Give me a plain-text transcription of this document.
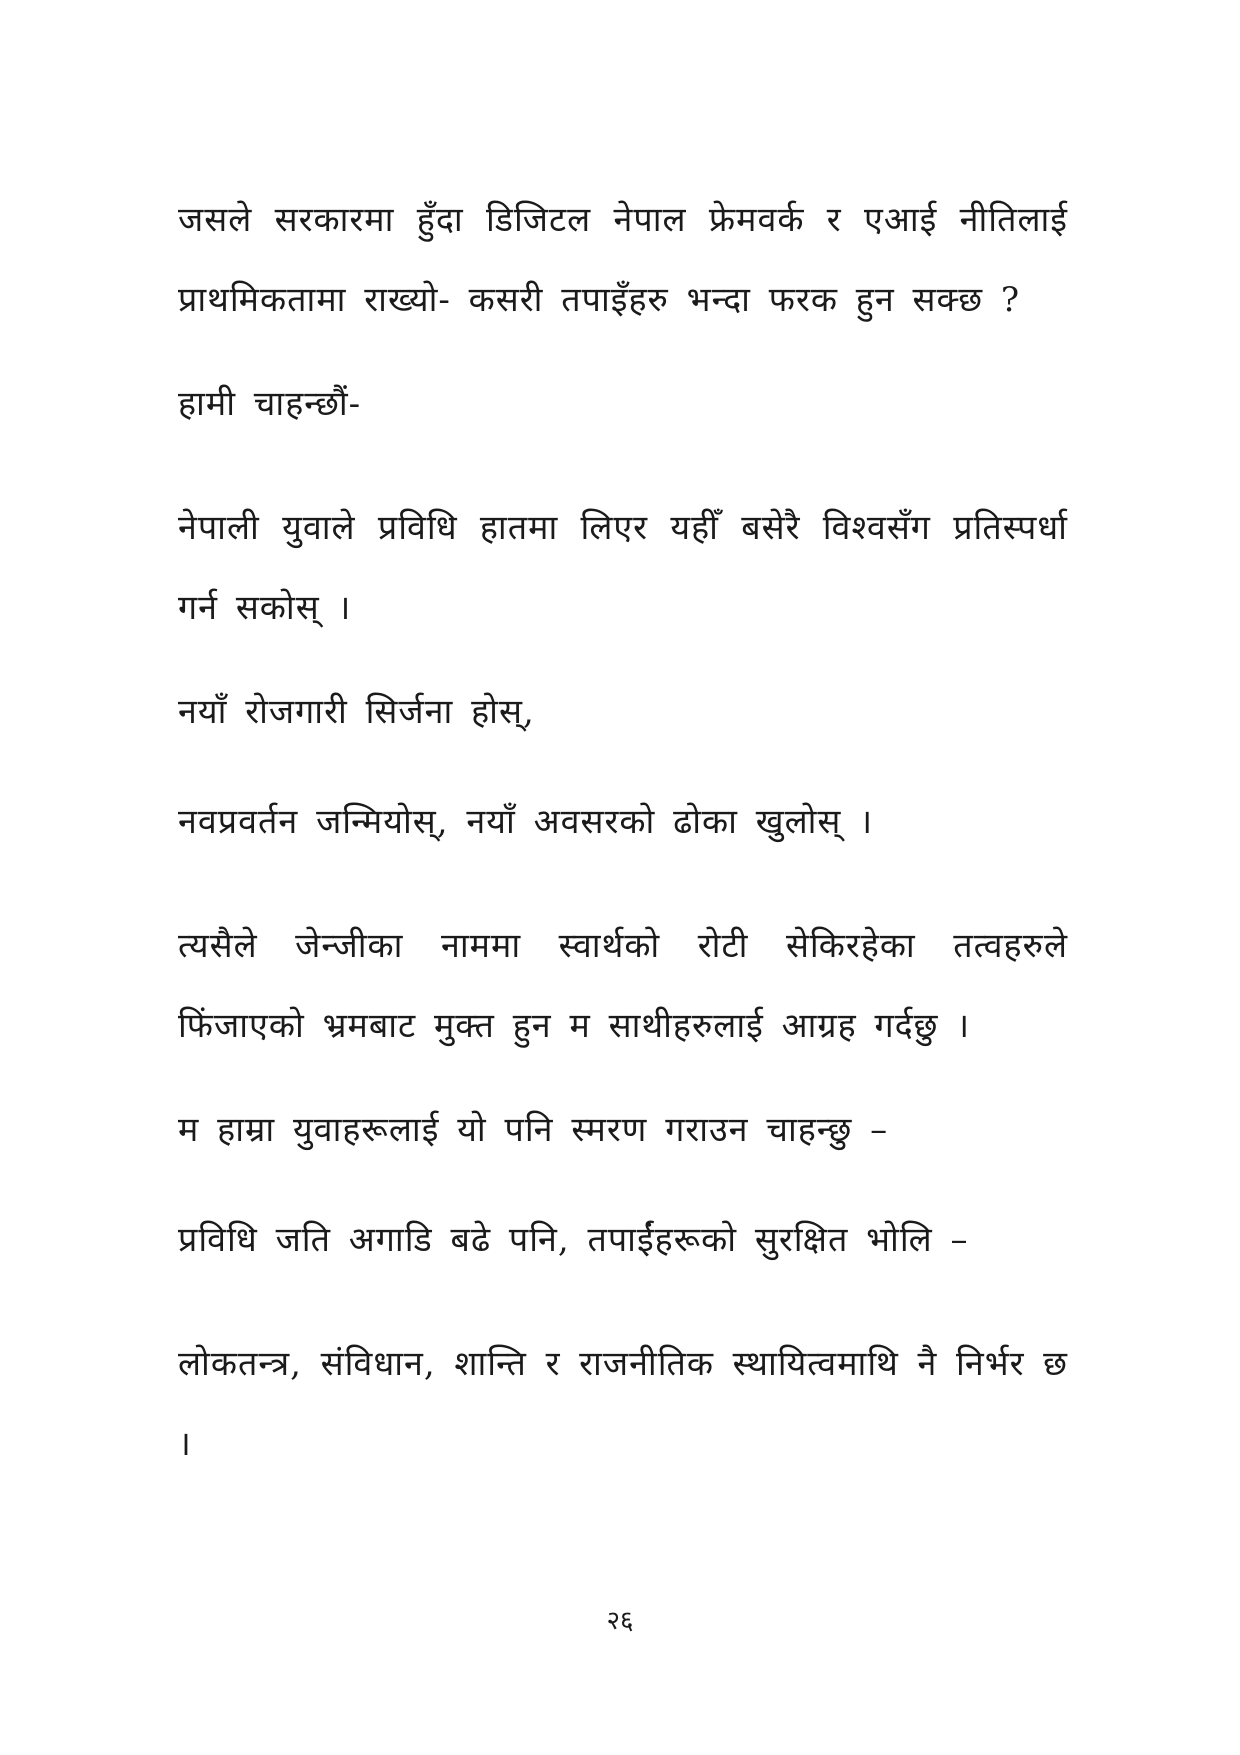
जसले सरकारमा हुँदा डिजिटल नेपाल फ्रेमवर्क र एआई नीतिलाई प्राथमिकतामा राख्यो- कसरी तपाइँहरु भन्दा फरक हुन सक्छ ?

हामी चाहन्छौं-

नेपाली युवाले प्रविधि हातमा लिएर यहीँ बसेरै विश्वसँग प्रतिस्पर्धा गर्न सकोस् ।

नयाँ रोजगारी सिर्जना होस्,

नवप्रवर्तन जन्मियोस्, नयाँ अवसरको ढोका खुलोस् ।

त्यसैले जेन्जीका नाममा स्वार्थको रोटी सेकिरहेका तत्वहरुले फिंजाएको भ्रमबाट मुक्त हुन म साथीहरुलाई आग्रह गर्दछु ।

म हाम्रा युवाहरूलाई यो पनि स्मरण गराउन चाहन्छु –

प्रविधि जति अगाडि बढे पनि, तपाईंहरूको सुरक्षित भोलि –

लोकतन्त्र, संविधान, शान्ति र राजनीतिक स्थायित्वमाथि नै निर्भर छ ।

२६
